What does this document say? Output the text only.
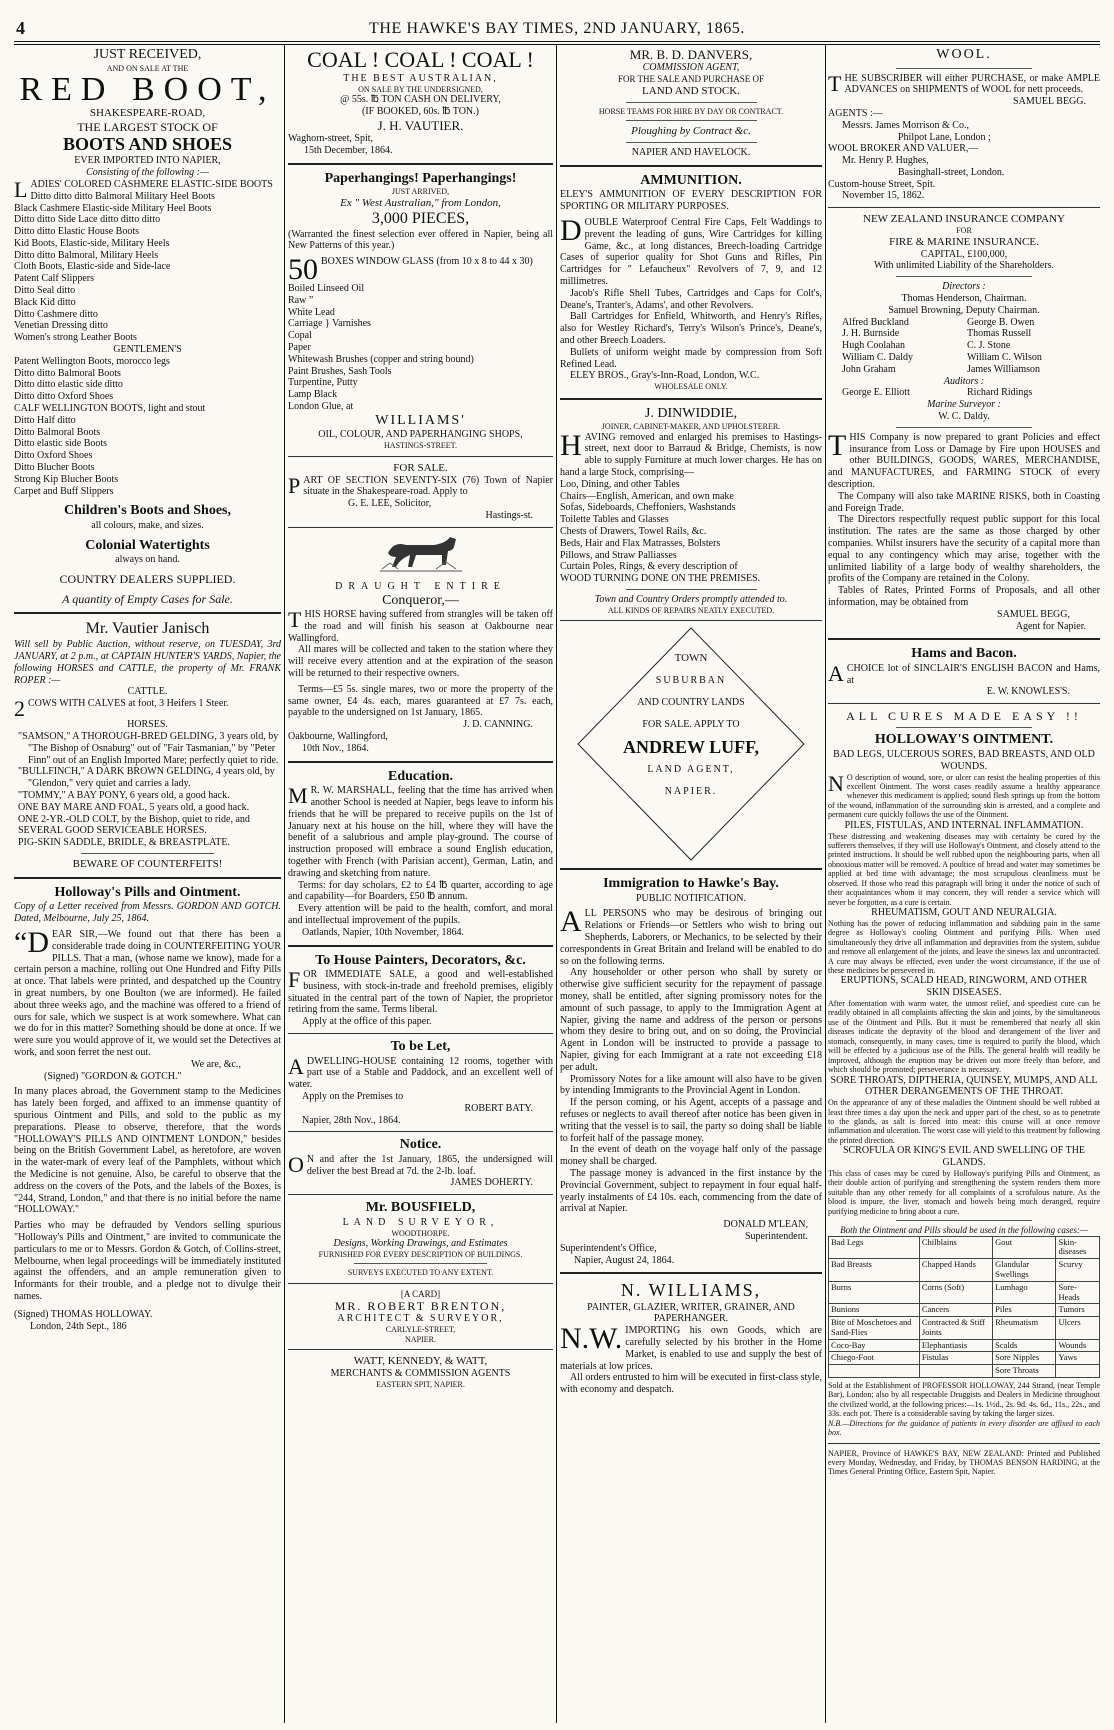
4	THE HAWKE'S BAY TIMES, 2ND JANUARY, 1865.
JUST RECEIVED,
AND ON SALE AT THE
RED BOOT,
SHAKESPEARE-ROAD,
THE LARGEST STOCK OF
BOOTS AND SHOES
EVER IMPORTED INTO NAPIER,
Consisting of the following :—
LADIES' COLORED CASHMERE ELASTIC-SIDE BOOTS
Ditto ditto ditto Balmoral Military Heel Boots
Black Cashmere Elastic-side Military Heel Boots
Ditto ditto Side Lace ditto ditto ditto
Ditto ditto Elastic House Boots
Kid Boots, Elastic-side, Military Heels
Ditto ditto Balmoral, Military Heels
Cloth Boots, Elastic-side and Side-lace
Patent Calf Slippers
Ditto Seal ditto
Black Kid ditto
Ditto Cashmere ditto
Venetian Dressing ditto
Women's strong Leather Boots
GENTLEMEN'S
Patent Wellington Boots, morocco legs
Ditto ditto Balmoral Boots
Ditto ditto elastic side ditto
Ditto ditto Oxford Shoes
CALF WELLINGTON BOOTS, light and stout
Ditto Half ditto
Ditto Balmoral Boots
Ditto elastic side Boots
Ditto Oxford Shoes
Ditto Blucher Boots
Strong Kip Blucher Boots
Carpet and Buff Slippers
Children's Boots and Shoes,
all colours, make, and sizes.
Colonial Watertights
always on hand.
COUNTRY DEALERS SUPPLIED.
A quantity of Empty Cases for Sale.
Mr. Vautier Janisch
Will sell by Public Auction, without reserve, on TUESDAY, 3rd JANUARY, at 2 p.m., at CAPTAIN HUNTER'S YARDS, Napier, the following HORSES and CATTLE, the property of Mr. FRANK ROPER :—
CATTLE.
2 COWS WITH CALVES at foot, 3 Heifers 1 Steer.
HORSES.
"SAMSON," A THOROUGH-BRED GELDING, 3 years old, by "The Bishop of Osnaburg" out of "Fair Tasmanian," by "Peter Finn" out of an English Imported Mare; perfectly quiet to ride.
"BULLFINCH," A DARK BROWN GELDING, 4 years old, by "Glendon," very quiet and carries a lady.
"TOMMY," A BAY PONY, 6 years old, a good hack.
ONE BAY MARE AND FOAL, 5 years old, a good hack.
ONE 2-YR.-OLD COLT, by the Bishop, quiet to ride, and
SEVERAL GOOD SERVICEABLE HORSES.
PIG-SKIN SADDLE, BRIDLE, & BREASTPLATE.
BEWARE OF COUNTERFEITS!
Holloway's Pills and Ointment.
Copy of a Letter received from Messrs. GORDON AND GOTCH. Dated, Melbourne, July 25, 1864.
“DEAR SIR,—We found out that there has been a considerable trade doing in COUNTERFEITING YOUR PILLS. That a man, (whose name we know), made for a certain person a machine, rolling out One Hundred and Fifty Pills at once. That labels were printed, and despatched up the Country in great numbers, by one Boulton (we are informed). He failed about three weeks ago, and the machine was offered to a friend of ours for sale, which we suspect is at work somewhere. What can we do for in this matter? Something should be done at once. If we were sure you would approve of it, we would set the Detectives at work, and soon ferret the nest out.
We are, &c.,
(Signed) "GORDON & GOTCH."
In many places abroad, the Government stamp to the Medicines has lately been forged, and affixed to an immense quantity of spurious Ointment and Pills, and sold to the public as my preparations. Please to observe, therefore, that the words "HOLLOWAY'S PILLS AND OINTMENT LONDON," besides being on the British Government Label, as heretofore, are woven in the water-mark of every leaf of the Pamphlets, without which the Medicine is not genuine. Also, be careful to observe that the address on the covers of the Pots, and the labels of the Boxes, is "244, Strand, London," and that there is no initial before the name "HOLLOWAY."
Parties who may be defrauded by Vendors selling spurious "Holloway's Pills and Ointment," are invited to communicate the particulars to me or to Messrs. Gordon & Gotch, of Collins-street, Melbourne, when legal proceedings will be immediately instituted against the offenders, and an ample remuneration given to Informants for their trouble, and a pledge not to divulge their names.
(Signed) THOMAS HOLLOWAY.
London, 24th Sept., 186
COAL ! COAL ! COAL !
THE BEST AUSTRALIAN,
ON SALE BY THE UNDERSIGNED,
@ 55s. ℔ TON CASH ON DELIVERY,
(IF BOOKED, 60s. ℔ TON.)
J. H. VAUTIER.
Waghorn-street, Spit,
15th December, 1864.
Paperhangings! Paperhangings!
JUST ARRIVED,
Ex " West Australian," from London,
3,000 PIECES,
(Warranted the finest selection ever offered in Napier, being all New Patterns of this year.)
50 BOXES WINDOW GLASS (from 10 x 8 to 44 x 30)
Boiled Linseed Oil
Raw ”
White Lead
Carriage } Varnishes
Copal
Paper
Whitewash Brushes (copper and string bound)
Paint Brushes, Sash Tools
Turpentine, Putty
Lamp Black
London Glue, at
WILLIAMS'
OIL, COLOUR, AND PAPERHANGING SHOPS,
HASTINGS-STREET.
FOR SALE.
PART OF SECTION SEVENTY-SIX (76) Town of Napier situate in the Shakespeare-road. Apply to
G. E. LEE, Solicitor,
Hastings-st.
DRAUGHT ENTIRE
Conqueror,—
THIS HORSE having suffered from strangles will be taken off the road and will finish his season at Oakbourne near Wallingford.
All mares will be collected and taken to the station where they will receive every attention and at the expiration of the season will be returned to their respective owners.
Terms—£5 5s. single mares, two or more the property of the same owner, £4 4s. each, mares guaranteed at £7 7s. each, payable to the undersigned on 1st January, 1865.
J. D. CANNING.
Oakbourne, Wallingford,
10th Nov., 1864.
Education.
M R. W. MARSHALL, feeling that the time has arrived when another School is needed at Napier, begs leave to inform his friends that he will be prepared to receive pupils on the 1st of January next at his house on the hill, where they will have the benefit of a salubrious and ample play-ground. The course of instruction proposed will embrace a sound English education, together with French (with Parisian accent), German, Latin, and drawing and sketching from nature.
Terms: for day scholars, £2 to £4 ℔ quarter, according to age and capability—for Boarders, £50 ℔ annum.
Every attention will be paid to the health, comfort, and moral and intellectual improvement of the pupils.
Oatlands, Napier, 10th November, 1864.
To House Painters, Decorators, &c.
FOR IMMEDIATE SALE, a good and well-established business, with stock-in-trade and freehold premises, eligibly situated in the central part of the town of Napier, the proprietor retiring from the same. Terms liberal.
Apply at the office of this paper.
To be Let,
ADWELLING-HOUSE containing 12 rooms, together with part use of a Stable and Paddock, and an excellent well of water.
Apply on the Premises to
ROBERT BATY.
Napier, 28th Nov., 1864.
Notice.
O N and after the 1st January, 1865, the undersigned will deliver the best Bread at 7d. the 2-lb. loaf.
JAMES DOHERTY.
Mr. BOUSFIELD,
LAND SURVEYOR,
WOODTHORPE.
Designs, Working Drawings, and Estimates
FURNISHED FOR EVERY DESCRIPTION OF BUILDINGS.
SURVEYS EXECUTED TO ANY EXTENT.
[A CARD]
MR. ROBERT BRENTON,
ARCHITECT & SURVEYOR,
CARLYLE-STREET,
NAPIER.
WATT, KENNEDY, & WATT,
MERCHANTS & COMMISSION AGENTS
EASTERN SPIT, NAPIER.
MR. B. D. DANVERS,
COMMISSION AGENT,
FOR THE SALE AND PURCHASE OF
LAND AND STOCK.
HORSE TEAMS FOR HIRE BY DAY OR CONTRACT.
Ploughing by Contract &c.
NAPIER AND HAVELOCK.
AMMUNITION.
ELEY'S AMMUNITION OF EVERY DESCRIPTION FOR SPORTING OR MILITARY PURPOSES.
DOUBLE Waterproof Central Fire Caps, Felt Waddings to prevent the leading of guns, Wire Cartridges for killing Game, &c., at long distances, Breech-loading Cartridge Cases of superior quality for Shot Guns and Rifles, Pin Cartridges for " Lefaucheux" Revolvers of 7, 9, and 12 millimetres.
Jacob's Rifle Shell Tubes, Cartridges and Caps for Colt's, Deane's, Tranter's, Adams', and other Revolvers.
Ball Cartridges for Enfield, Whitworth, and Henry's Rifles, also for Westley Richard's, Terry's Wilson's Prince's, Deane's, and other Breech Loaders.
Bullets of uniform weight made by compression from Soft Refined Lead.
ELEY BROS., Gray's-Inn-Road, London, W.C.
WHOLESALE ONLY.
J. DINWIDDIE,
JOINER, CABINET-MAKER, AND UPHOLSTERER.
HAVING removed and enlarged his premises to Hastings-street, next door to Barraud & Bridge, Chemists, is now able to supply Furniture at much lower charges. He has on hand a large Stock, comprising—
Loo, Dining, and other Tables
Chairs—English, American, and own make
Sofas, Sideboards, Cheffoniers, Washstands
Toilette Tables and Glasses
Chests of Drawers, Towel Rails, &c.
Beds, Hair and Flax Matrasses, Bolsters
Pillows, and Straw Palliasses
Curtain Poles, Rings, & every description of
WOOD TURNING DONE ON THE PREMISES.
Town and Country Orders promptly attended to.
ALL KINDS OF REPAIRS NEATLY EXECUTED.
TOWN
SUBURBAN
AND COUNTRY LANDS
FOR SALE. APPLY TO
ANDREW LUFF,
LAND AGENT,
NAPIER.
Immigration to Hawke's Bay.
PUBLIC NOTIFICATION.
ALL PERSONS who may be desirous of bringing out Relations or Friends—or Settlers who wish to bring out Shepherds, Laborers, or Mechanics, to be selected by their correspondents in Great Britain and Ireland will be enabled to do so on the following terms.
Any householder or other person who shall by surety or otherwise give sufficient security for the repayment of passage money, shall be entitled, after signing promissory notes for the amount of such passage, to apply to the Immigration Agent at Napier, giving the name and address of the person or persons whom they desire to bring out, and on so doing, the Provincial Agent in London will be instructed to provide a passage to Napier, giving for each Immigrant at a rate not exceeding £18 per adult.
Promissory Notes for a like amount will also have to be given by intending Immigrants to the Provincial Agent in London.
If the person coming, or his Agent, accepts of a passage and refuses or neglects to avail thereof after notice has been given in writing that the vessel is to sail, the party so doing shall be liable to forfeit half of the passage money.
In the event of death on the voyage half only of the passage money shall be charged.
The passage money is advanced in the first instance by the Provincial Government, subject to repayment in four equal half-yearly instalments of £4 10s. each, commencing from the date of arrival at Napier.
DONALD M'LEAN,
Superintendent.
Superintendent's Office,
Napier, August 24, 1864.
N. WILLIAMS,
PAINTER, GLAZIER, WRITER, GRAINER, AND PAPERHANGER.
N.W. IMPORTING his own Goods, which are carefully selected by his brother in the Home Market, is enabled to use and supply the best of materials at low prices.
All orders entrusted to him will be executed in first-class style, with economy and despatch.
WOOL.
THE SUBSCRIBER will either PURCHASE, or make AMPLE ADVANCES on SHIPMENTS of WOOL for nett proceeds.
SAMUEL BEGG.
AGENTS :—
Messrs. James Morrison & Co.,
Philpot Lane, London ;
WOOL BROKER AND VALUER,—
Mr. Henry P. Hughes,
Basinghall-street, London.
Custom-house Street, Spit.
November 15, 1862.
NEW ZEALAND INSURANCE COMPANY
FOR
FIRE & MARINE INSURANCE.
CAPITAL, £100,000,
With unlimited Liability of the Shareholders.
Directors :
Thomas Henderson, Chairman.
Samuel Browning, Deputy Chairman.
Alfred Buckland	George B. Owen
J. H. Burnside	Thomas Russell
Hugh Coolahan	C. J. Stone
William C. Daldy	William C. Wilson
John Graham	James Williamson
Auditors :
George E. Elliott	Richard Ridings
Marine Surveyor :
W. C. Daldy.
THIS Company is now prepared to grant Policies and effect insurance from Loss or Damage by Fire upon HOUSES and other BUILDINGS, GOODS, WARES, MERCHANDISE, and MANUFACTURES, and FARMING STOCK of every description.
The Company will also take MARINE RISKS, both in Coasting and Foreign Trade.
The Directors respectfully request public support for this local institution. The rates are the same as those charged by other companies. Whilst insurers have the security of a capital more than equal to any contingency which may arise, together with the unlimited liability of a large body of wealthy shareholders, the profits of the Company are retained in the Colony.
Tables of Rates, Printed Forms of Proposals, and all other information, may be obtained from
SAMUEL BEGG,
Agent for Napier.
Hams and Bacon.
ACHOICE lot of SINCLAIR'S ENGLISH BACON and Hams, at
E. W. KNOWLES'S.
ALL CURES MADE EASY !!
HOLLOWAY'S OINTMENT.
BAD LEGS, ULCEROUS SORES, BAD BREASTS, AND OLD WOUNDS.
N O description of wound, sore, or ulcer can resist the healing properties of this excellent Ointment. The worst cases readily assume a healthy appearance whenever this medicament is applied; sound flesh springs up from the bottom of the wound, inflammation of the surrounding skin is arrested, and a complete and permanent cure quickly follows the use of the Ointment.
PILES, FISTULAS, AND INTERNAL INFLAMMATION.
These distressing and weakening diseases may with certainty be cured by the sufferers themselves, if they will use Holloway's Ointment, and closely attend to the printed instructions. It should be well rubbed upon the neighbouring parts, when all obnoxious matter will be removed. A poultice of bread and water may sometimes be applied at bed time with advantage; the most scrupulous cleanliness must be observed. If those who read this paragraph will bring it under the notice of such of their acquaintances whom it may concern, they will render a service which will never be forgotten, as a cure is certain.
RHEUMATISM, GOUT AND NEURALGIA.
Nothing has the power of reducing inflammation and subduing pain in the same degree as Holloway's cooling Ointment and purifying Pills. When used simultaneously they drive all inflammation and depravities from the system, subdue and remove all enlargement of the joints, and leave the sinews lax and uncontracted. A cure may always be effected, even under the worst circumstance, if the use of these medicines be persevered in.
ERUPTIONS, SCALD HEAD, RINGWORM, AND OTHER SKIN DISEASES.
After fomentation with warm water, the utmost relief, and speediest cure can be readily obtained in all complaints affecting the skin and joints, by the simultaneous use of the Ointment and Pills. But it must be remembered that nearly all skin diseases indicate the depravity of the blood and derangement of the liver and stomach, consequently, in many cases, time is required to purify the blood, which will be effected by a judicious use of the Pills. The general health will readily be improved, although the eruption may be driven out more freely than before, and which should be promoted; perseverance is necessary.
SORE THROATS, DIPTHERIA, QUINSEY, MUMPS, AND ALL OTHER DERANGEMENTS OF THE THROAT.
On the appearance of any of these maladies the Ointment should be well rubbed at least three times a day upon the neck and upper part of the chest, so as to penetrate to the glands, as salt is forced into meat: this course will at once remove inflammation and ulceration. The worst case will yield to this treatment by following the printed direction.
SCROFULA OR KING'S EVIL AND SWELLING OF THE GLANDS.
This class of cases may be cured by Holloway's purifying Pills and Ointment, as their double action of purifying and strengthening the system renders them more suitable than any other remedy for all complaints of a scrofulous nature. As the blood is impure, the liver, stomach and bowels being much deranged, require purifying medicine to bring about a cure.
Both the Ointment and Pills should be used in the following cases:—
Bad Legs	Chilblains	Gout	Skin-diseases
Bad Breasts	Chapped Hands	Glandular Swellings	Scurvy
Burns	Corns (Soft)	Lumbago	Sore-Heads
Bunions	Cancers	Piles	Tumors
Bite of Moschetoes and Sand-Flies	Contracted & Stiff Joints	Rheumatism	Ulcers
Coco-Bay	Elephantiasis	Scalds	Wounds
Chiego-Foot	Fistulas	Sore Nipples	Yaws
		Sore Throats	
Sold at the Establishment of PROFESSOR HOLLOWAY, 244 Strand, (near Temple Bar), London; also by all respectable Druggists and Dealers in Medicine throughout the civilized world, at the following prices:—1s. 1½d., 2s. 9d. 4s. 6d., 11s., 22s., and 33s. each pot. There is a considerable saving by taking the larger sizes.
N.B.—Directions for the guidance of patients in every disorder are affixed to each box.
NAPIER, Province of HAWKE'S BAY, NEW ZEALAND: Printed and Published every Monday, Wednesday, and Friday, by THOMAS BENSON HARDING, at the Times General Printing Office, Eastern Spit, Napier.
